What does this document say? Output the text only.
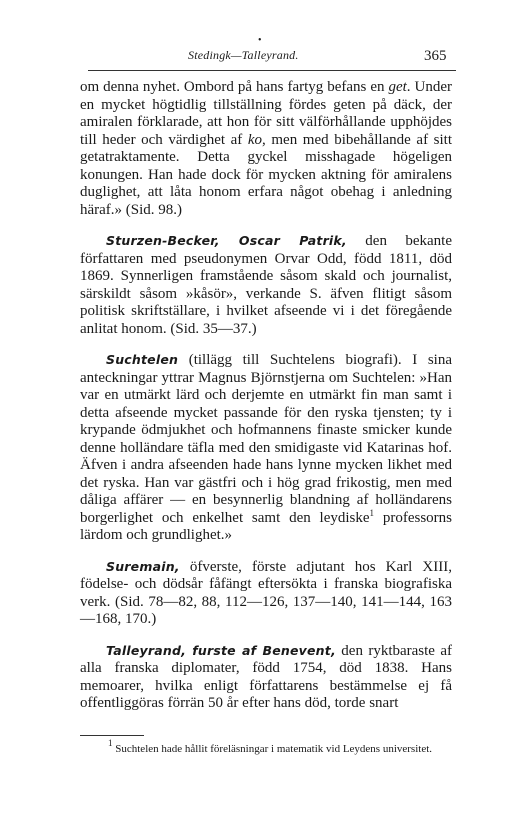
•
Stedingk—Talleyrand.	365

om denna nyhet. Ombord på hans fartyg befans en get. Under en mycket högtidlig tillställning fördes geten på däck, der amiralen förklarade, att hon för sitt välförhållande upphöjdes till heder och värdighet af ko, men med bibehållande af sitt getatraktamente. Detta gyckel misshagade högeligen konungen. Han hade dock för mycken aktning för amiralens duglighet, att låta honom erfara något obehag i anledning häraf.» (Sid. 98.)

Sturzen-Becker, Oscar Patrik, den bekante författaren med pseudonymen Orvar Odd, född 1811, död 1869. Synnerligen framstående såsom skald och journalist, särskildt såsom »kåsör», verkande S. äfven flitigt såsom politisk skriftställare, i hvilket afseende vi i det föregående anlitat honom. (Sid. 35—37.)

Suchtelen (tillägg till Suchtelens biografi). I sina anteckningar yttrar Magnus Björnstjerna om Suchtelen: »Han var en utmärkt lärd och derjemte en utmärkt fin man samt i detta afseende mycket passande för den ryska tjensten; ty i krypande ödmjukhet och hofmannens finaste smicker kunde denne holländare täfla med den smidigaste vid Katarinas hof. Äfven i andra afseenden hade hans lynne mycken likhet med det ryska. Han var gästfri och i hög grad frikostig, men med dåliga affärer — en besynnerlig blandning af holländarens borgerlighet och enkelhet samt den leydiske$^1$ professorns lärdom och grundlighet.»

Suremain, öfverste, förste adjutant hos Karl XIII, födelse- och dödsår fåfängt eftersökta i franska biografiska verk. (Sid. 78—82, 88, 112—126, 137—140, 141—144, 163—168, 170.)

Talleyrand, furste af Benevent, den ryktbaraste af alla franska diplomater, född 1754, död 1838. Hans memoarer, hvilka enligt författarens bestämmelse ej få offentliggöras förrän 50 år efter hans död, torde snart

$^1$ Suchtelen hade hållit föreläsningar i matematik vid Leydens universitet.
